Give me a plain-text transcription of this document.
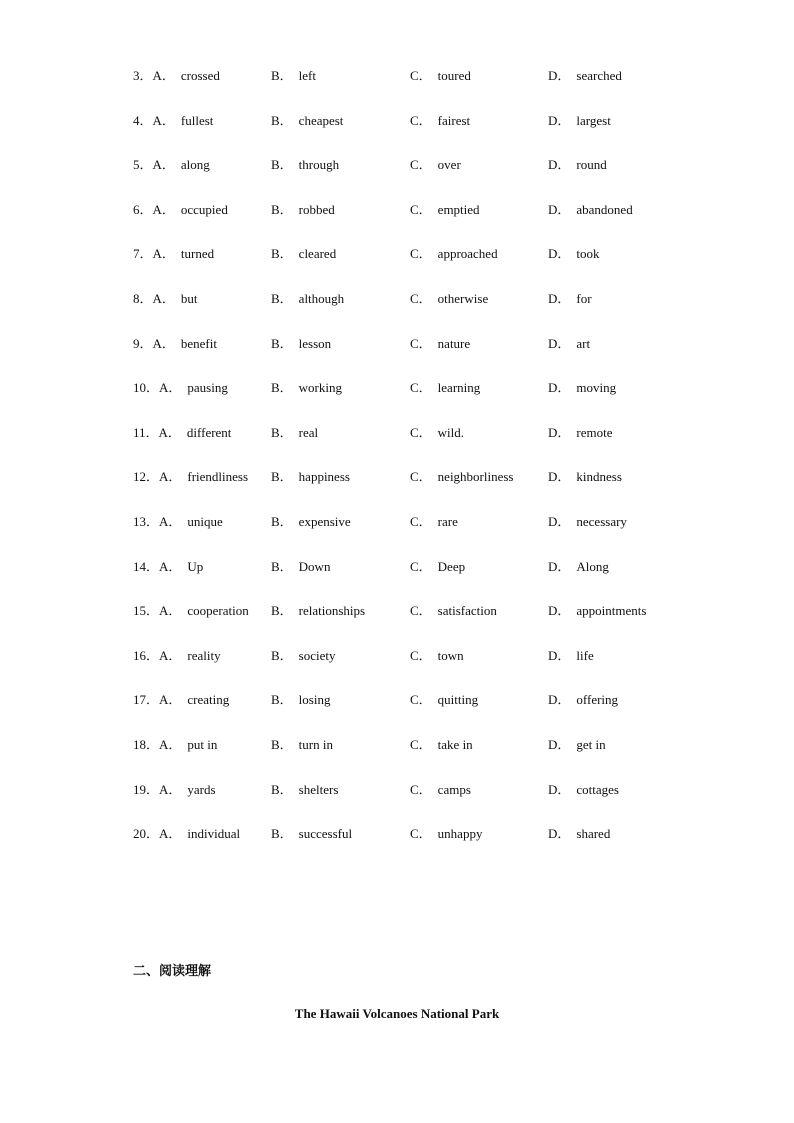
3．A． crossed	B． left	C． toured	D． searched
4．A． fullest	B． cheapest	C． fairest	D． largest
5．A． along	B． through	C． over	D． round
6．A． occupied	B． robbed	C． emptied	D． abandoned
7．A． turned	B． cleared	C． approached	D． took
8．A． but	B． although	C． otherwise	D． for
9．A． benefit	B． lesson	C． nature	D． art
10．A． pausing	B． working	C． learning	D． moving
11．A． different	B． real	C． wild.	D． remote
12．A． friendliness B． happiness	C． neighborliness	D． kindness
13．A． unique	B． expensive	C． rare	D． necessary
14．A． Up	B． Down	C． Deep	D． Along
15．A． cooperation B． relationships	C． satisfaction	D． appointments
16．A． reality	B． society	C． town	D． life
17．A． creating	B． losing	C． quitting	D． offering
18．A． put in	B． turn in	C． take in	D． get in
19．A． yards	B． shelters	C． camps	D． cottages
20．A． individual B． successful	C． unhappy	D． shared
二、阅读理解
The Hawaii Volcanoes National Park
